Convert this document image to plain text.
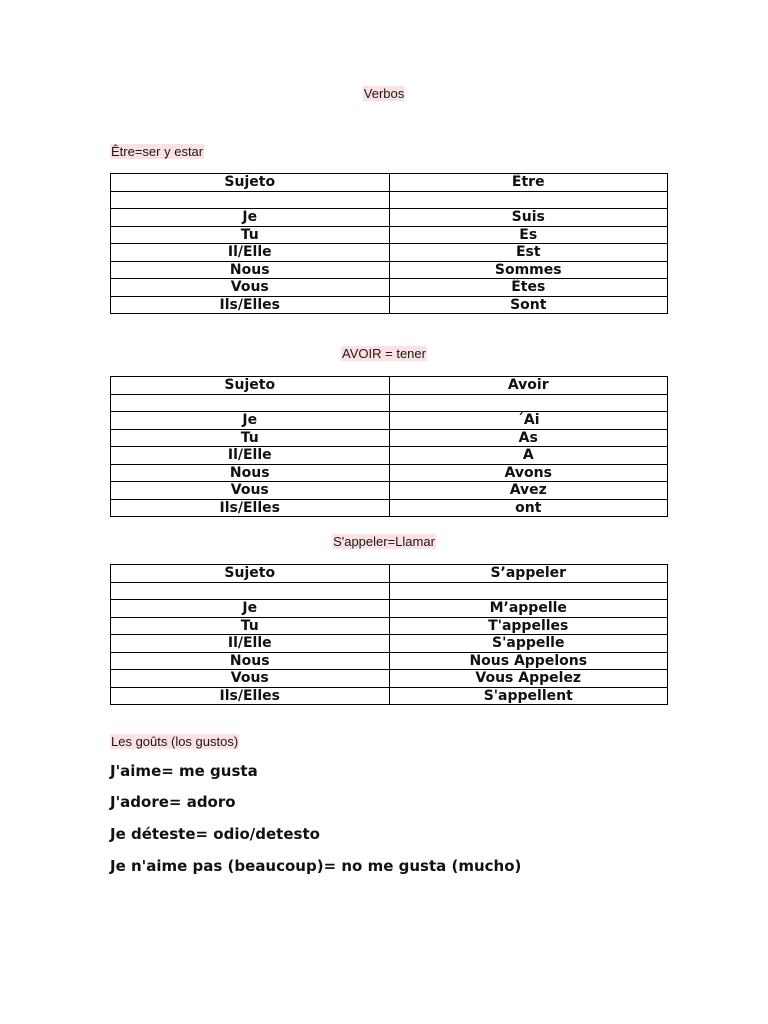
Verbos
Être=ser y estar
Sujeto	Être

Je	Suis
Tu	Es
Il/Elle	Est
Nous	Sommes
Vous	Êtes
Ils/Elles	Sont
AVOIR = tener
Sujeto	Avoir

Je	´Ai
Tu	As
Il/Elle	A
Nous	Avons
Vous	Avez
Ils/Elles	ont
S'appeler=Llamar
Sujeto	S’appeler

Je	M’appelle
Tu	T'appelles
Il/Elle	S'appelle
Nous	Nous Appelons
Vous	Vous Appelez
Ils/Elles	S'appellent
Les goûts (los gustos)
J'aime= me gusta
J'adore= adoro
Je déteste= odio/detesto
Je n'aime pas (beaucoup)= no me gusta (mucho)
